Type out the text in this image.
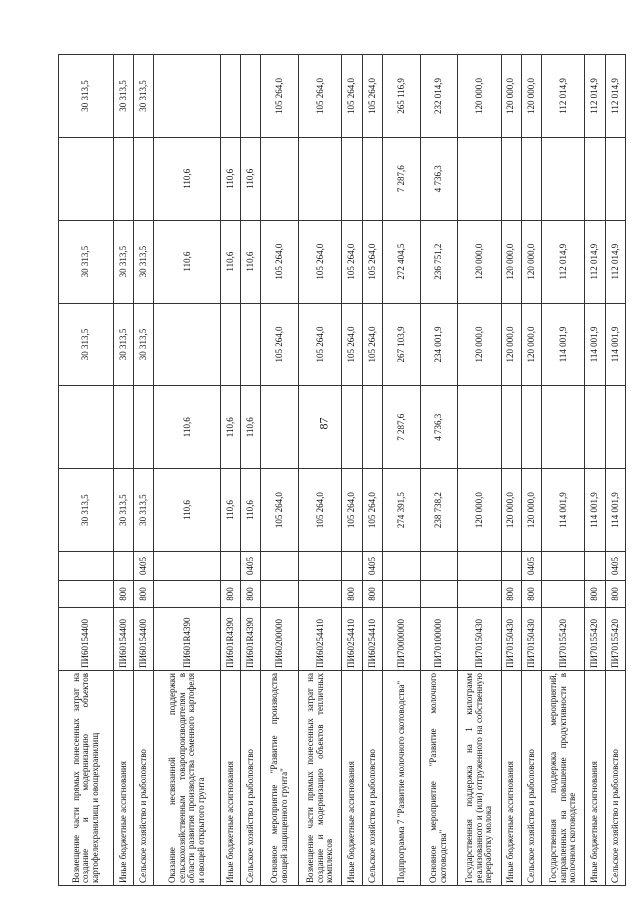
87
Возмещение части прямых понесенных затрат на создание и модернизацию объектов картофелехранилищ и овощехранилищ	ПИ60154400			30 313,5		30 313,5	30 313,5		30 313,5
Иные бюджетные ассигнования	ПИ60154400	800		30 313,5		30 313,5	30 313,5		30 313,5
Сельское хозяйство и рыболовство	ПИ60154400	800	0405	30 313,5		30 313,5	30 313,5		30 313,5
Оказание несвязанной поддержки сельскохозяйственным товаропроизводителям в области развития производства семенного картофеля и овощей открытого грунта	ПИ601R4390			110,6	110,6		110,6	110,6	
Иные бюджетные ассигнования	ПИ601R4390	800		110,6	110,6		110,6	110,6	
Сельское хозяйство и рыболовство	ПИ601R4390	800	0405	110,6	110,6		110,6	110,6	
Основное мероприятие "Развитие производства овощей защищенного грунта"	ПИ60200000			105 264,0		105 264,0	105 264,0		105 264,0
Возмещение части прямых понесенных затрат на создание и модернизацию объектов тепличных комплексов	ПИ60254410			105 264,0		105 264,0	105 264,0		105 264,0
Иные бюджетные ассигнования	ПИ60254410	800		105 264,0		105 264,0	105 264,0		105 264,0
Сельское хозяйство и рыболовство	ПИ60254410	800	0405	105 264,0		105 264,0	105 264,0		105 264,0
Подпрограмма 7 "Развитие молочного скотоводства"	ПИ70000000			274 391,5	7 287,6	267 103,9	272 404,5	7 287,6	265 116,9
Основное мероприятие "Развитие молочного скотоводства"	ПИ70100000			238 738,2	4 736,3	234 001,9	236 751,2	4 736,3	232 014,9
Государственная поддержка на 1 килограмм реализованного и (или) отгруженного на собственную переработку молока	ПИ70150430			120 000,0		120 000,0	120 000,0		120 000,0
Иные бюджетные ассигнования	ПИ70150430	800		120 000,0		120 000,0	120 000,0		120 000,0
Сельское хозяйство и рыболовство	ПИ70150430	800	0405	120 000,0		120 000,0	120 000,0		120 000,0
Государственная поддержка мероприятий, направленных на повышение продуктивности в молочном скотоводстве	ПИ70155420			114 001,9		114 001,9	112 014,9		112 014,9
Иные бюджетные ассигнования	ПИ70155420	800		114 001,9		114 001,9	112 014,9		112 014,9
Сельское хозяйство и рыболовство	ПИ70155420	800	0405	114 001,9		114 001,9	112 014,9		112 014,9
